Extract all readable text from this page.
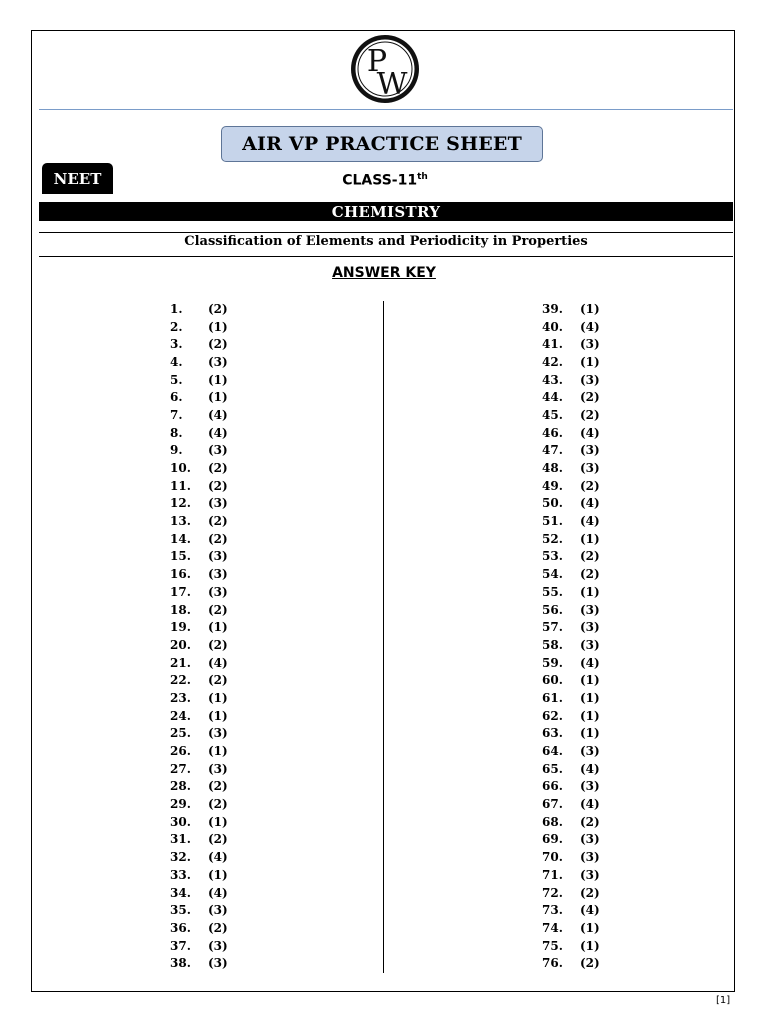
P
W
AIR VP PRACTICE SHEET
NEET	CLASS-11th
CHEMISTRY
Classification of Elements and Periodicity in Properties
ANSWER KEY
1.	(2)
2.	(1)
3.	(2)
4.	(3)
5.	(1)
6.	(1)
7.	(4)
8.	(4)
9.	(3)
10.	(2)
11.	(2)
12.	(3)
13.	(2)
14.	(2)
15.	(3)
16.	(3)
17.	(3)
18.	(2)
19.	(1)
20.	(2)
21.	(4)
22.	(2)
23.	(1)
24.	(1)
25.	(3)
26.	(1)
27.	(3)
28.	(2)
29.	(2)
30.	(1)
31.	(2)
32.	(4)
33.	(1)
34.	(4)
35.	(3)
36.	(2)
37.	(3)
38.	(3)
39.	(1)
40.	(4)
41.	(3)
42.	(1)
43.	(3)
44.	(2)
45.	(2)
46.	(4)
47.	(3)
48.	(3)
49.	(2)
50.	(4)
51.	(4)
52.	(1)
53.	(2)
54.	(2)
55.	(1)
56.	(3)
57.	(3)
58.	(3)
59.	(4)
60.	(1)
61.	(1)
62.	(1)
63.	(1)
64.	(3)
65.	(4)
66.	(3)
67.	(4)
68.	(2)
69.	(3)
70.	(3)
71.	(3)
72.	(2)
73.	(4)
74.	(1)
75.	(1)
76.	(2)
[1]
